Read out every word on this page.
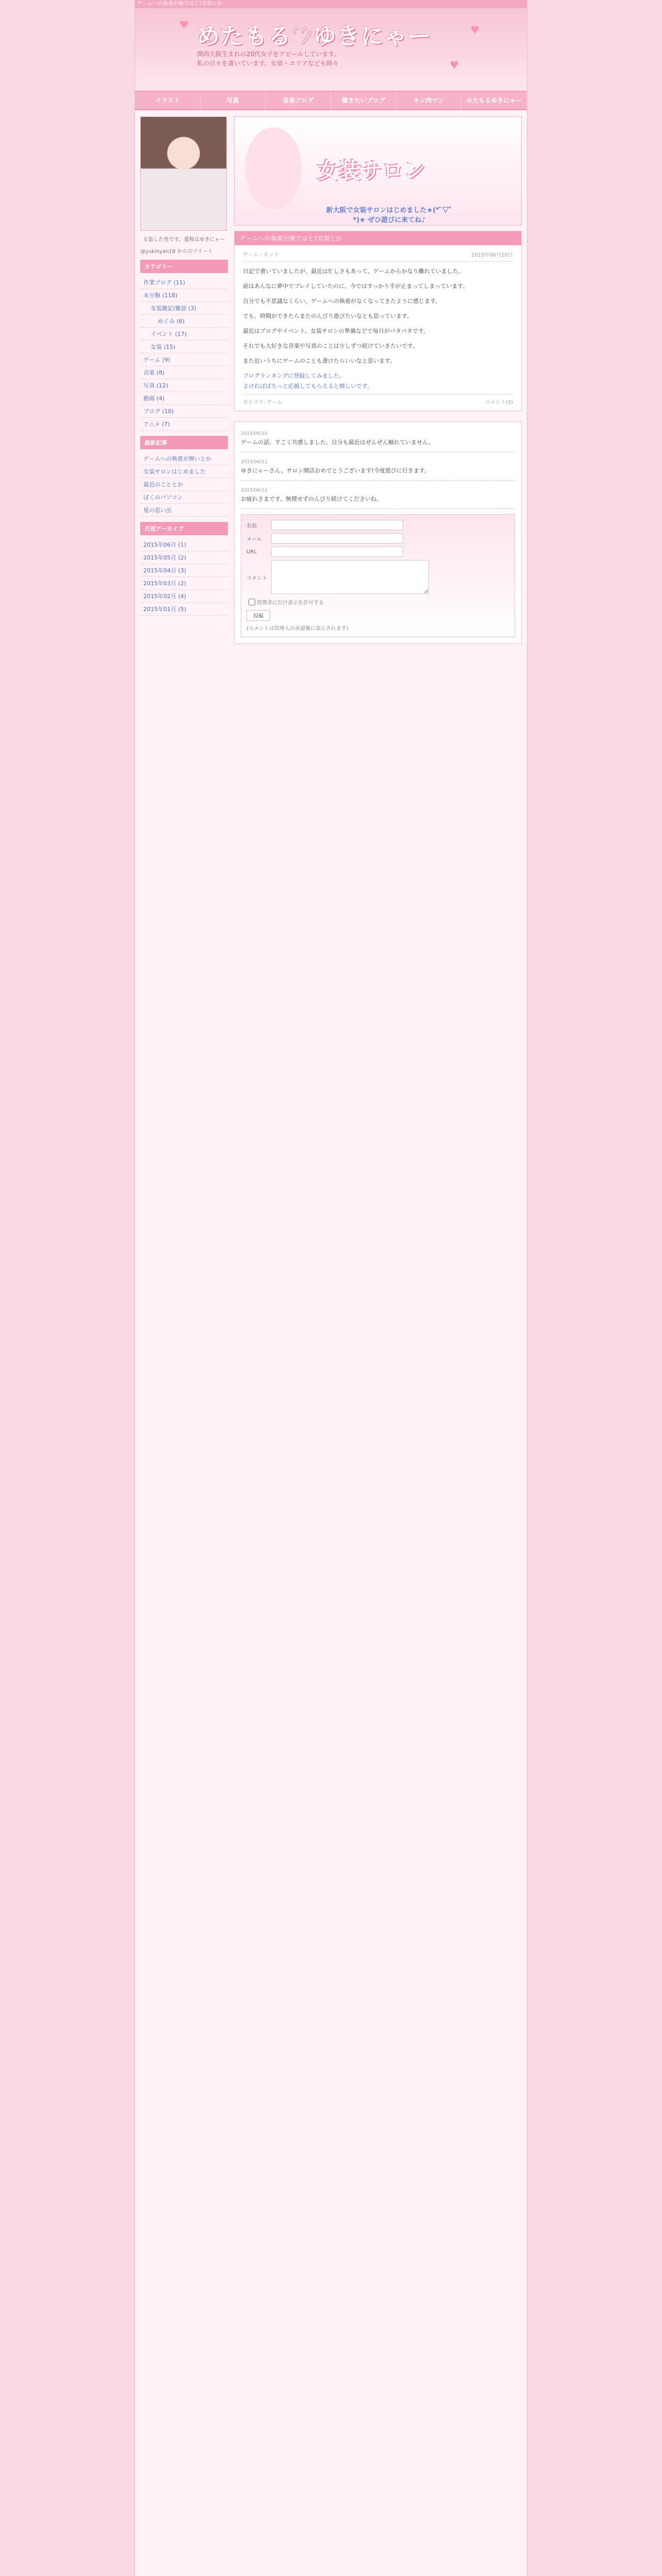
ゲームへの執着が無ではと?音訓とか
めたもる♡ゆきにゃー
関西大阪生まれの20代女子をアピールしています。
私の日々を書いています。女装・エリアなども時々
♥	♥
♥
イラスト	写真	音楽ブログ	働きたいブログ	キン肉マン	めたもるゆきにゃー
女装した男です。愛称はゆきにゃー
@yukinyan18 からのツイート
カテゴリー
作業ブログ (11)
未分類 (118)
女装雑記/雑談 (3)
めぐみ (6)
イベント (17)
女装 (15)
ゲーム (9)
音楽 (8)
写真 (12)
動画 (4)
ブログ (10)
アニメ (7)
最新記事
ゲームへの執着が無いとか
女装サロンはじめました
最近のこととか
ぼくのパソコン
夏の思い出
月別アーカイブ
2015年06月 (1)
2015年05月 (2)
2015年04月 (3)
2015年03月 (2)
2015年02月 (4)
2015年01月 (5)
女装サロン
新大阪で女装サロンはじめました★(*ﾟ▽ﾟ*)★ ぜひ遊びに来てね♪
ゲームへの執着が無ではと?音訓とか
ゲーム・ネット	2015年06月10日

日記で書いていましたが、最近は忙しさもあって、ゲームからかなり離れていました。

前はあんなに夢中でプレイしていたのに、今ではすっかり手が止まってしまっています。

自分でも不思議なくらい、ゲームへの執着がなくなってきたように感じます。

でも、時間ができたらまたのんびり遊びたいなとも思っています。

最近はブログやイベント、女装サロンの準備などで毎日がバタバタです。

それでも大好きな音楽や写真のことは少しずつ続けていきたいです。

また近いうちにゲームのことも書けたらいいなと思います。

プログランキングに登録してみました。
よければぽちっと応援してもらえると嬉しいです。
カテゴリ: ゲーム	コメント(3)
2015/06/10
ゲームの話、すごく共感しました。自分も最近はぜんぜん触れていません。
2015/06/11
ゆきにゃーさん、サロン開店おめでとうございます!今度遊びに行きます。
2015/06/12
お疲れさまです。無理せずのんびり続けてくださいね。
名前
メール
URL
コメント
管理者にだけ表示を許可する
投稿
(コメントは管理人の承認後に表示されます)
